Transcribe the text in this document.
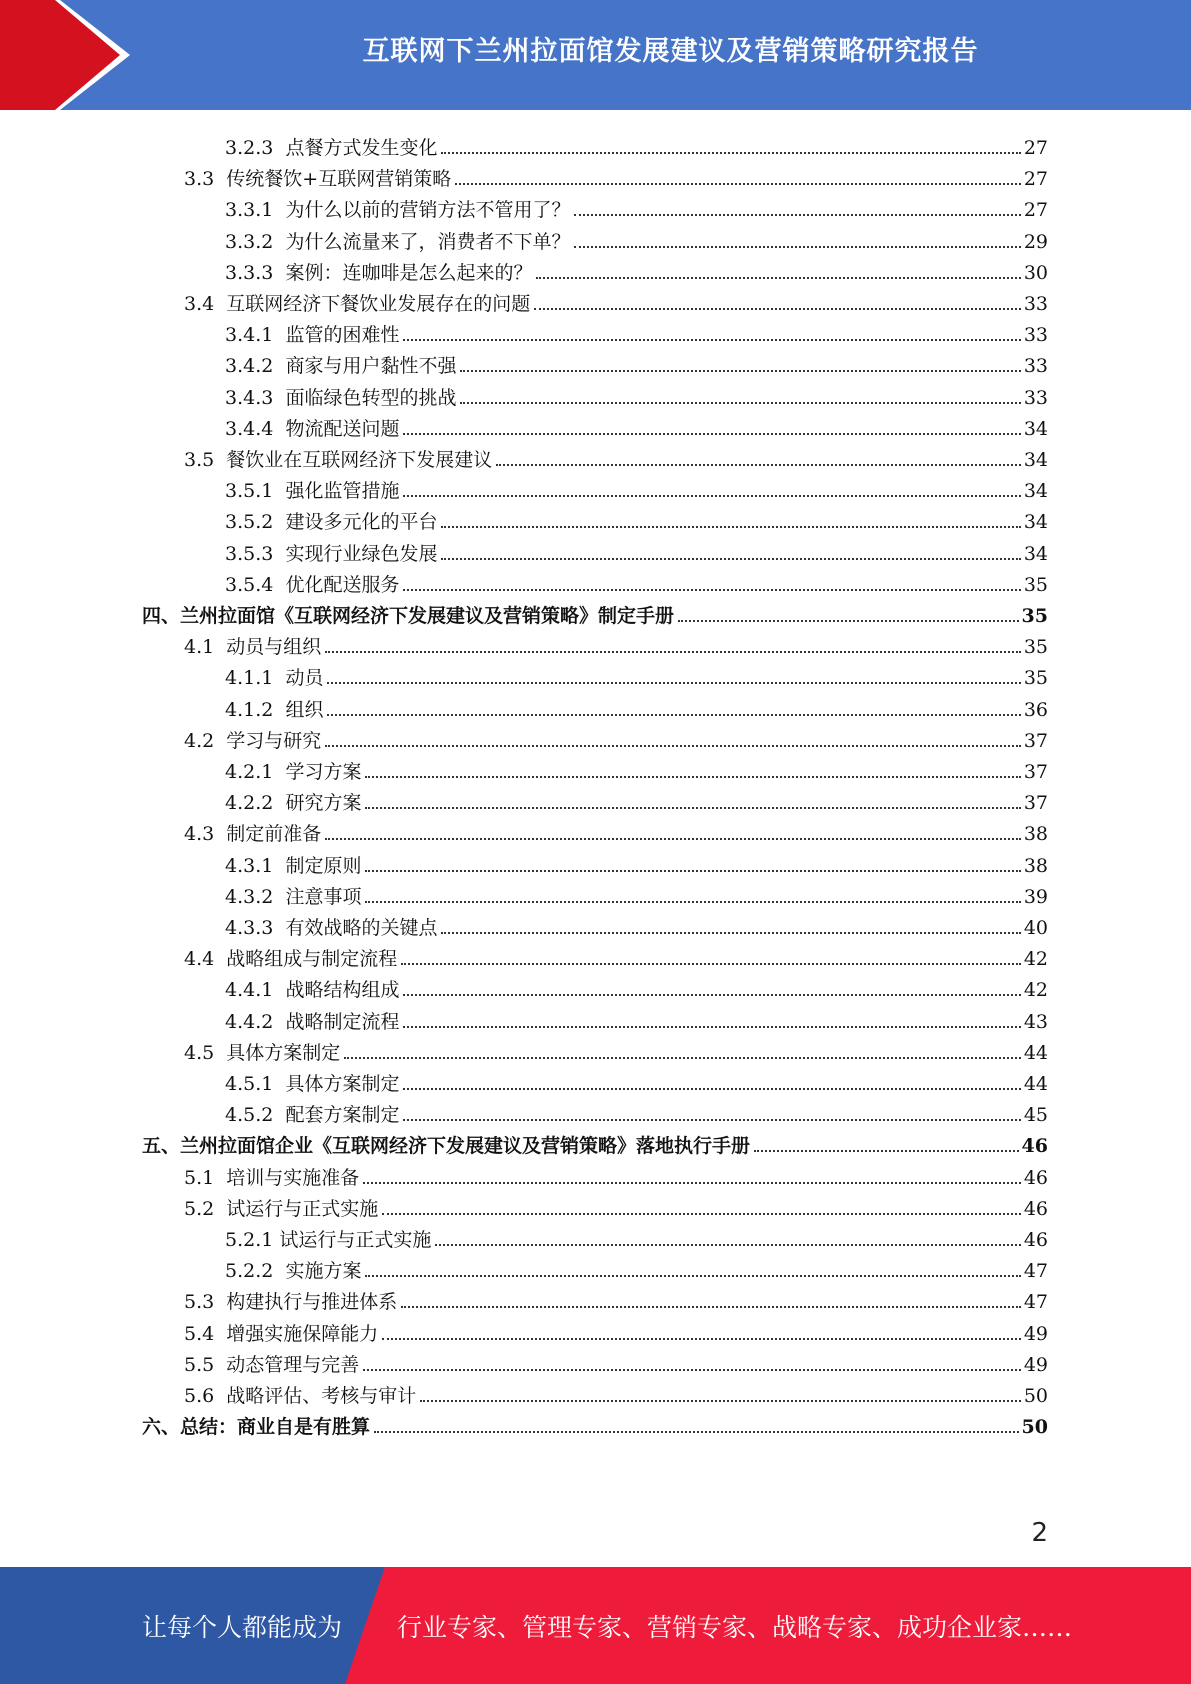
互联网下兰州拉面馆发展建议及营销策略研究报告
3.2.3 点餐方式发生变化	27
3.3 传统餐饮+互联网营销策略	27
3.3.1 为什么以前的营销方法不管用了？	27
3.3.2 为什么流量来了，消费者不下单？	29
3.3.3 案例：连咖啡是怎么起来的？	30
3.4 互联网经济下餐饮业发展存在的问题	33
3.4.1 监管的困难性	33
3.4.2 商家与用户黏性不强	33
3.4.3 面临绿色转型的挑战	33
3.4.4 物流配送问题	34
3.5 餐饮业在互联网经济下发展建议	34
3.5.1 强化监管措施	34
3.5.2 建设多元化的平台	34
3.5.3 实现行业绿色发展	34
3.5.4 优化配送服务	35
四、 兰州拉面馆《互联网经济下发展建议及营销策略》制定手册	35
4.1 动员与组织	35
4.1.1 动员	35
4.1.2 组织	36
4.2 学习与研究	37
4.2.1 学习方案	37
4.2.2 研究方案	37
4.3 制定前准备	38
4.3.1 制定原则	38
4.3.2 注意事项	39
4.3.3 有效战略的关键点	40
4.4 战略组成与制定流程	42
4.4.1 战略结构组成	42
4.4.2 战略制定流程	43
4.5 具体方案制定	44
4.5.1 具体方案制定	44
4.5.2 配套方案制定	45
五、 兰州拉面馆企业《互联网经济下发展建议及营销策略》落地执行手册	46
5.1 培训与实施准备	46
5.2 试运行与正式实施	46
5.2.1 试运行与正式实施	46
5.2.2 实施方案	47
5.3 构建执行与推进体系	47
5.4 增强实施保障能力	49
5.5 动态管理与完善	49
5.6 战略评估、考核与审计	50
六、 总结：商业自是有胜算	50
2
让每个人都能成为 行业专家、管理专家、营销专家、战略专家、成功企业家……
